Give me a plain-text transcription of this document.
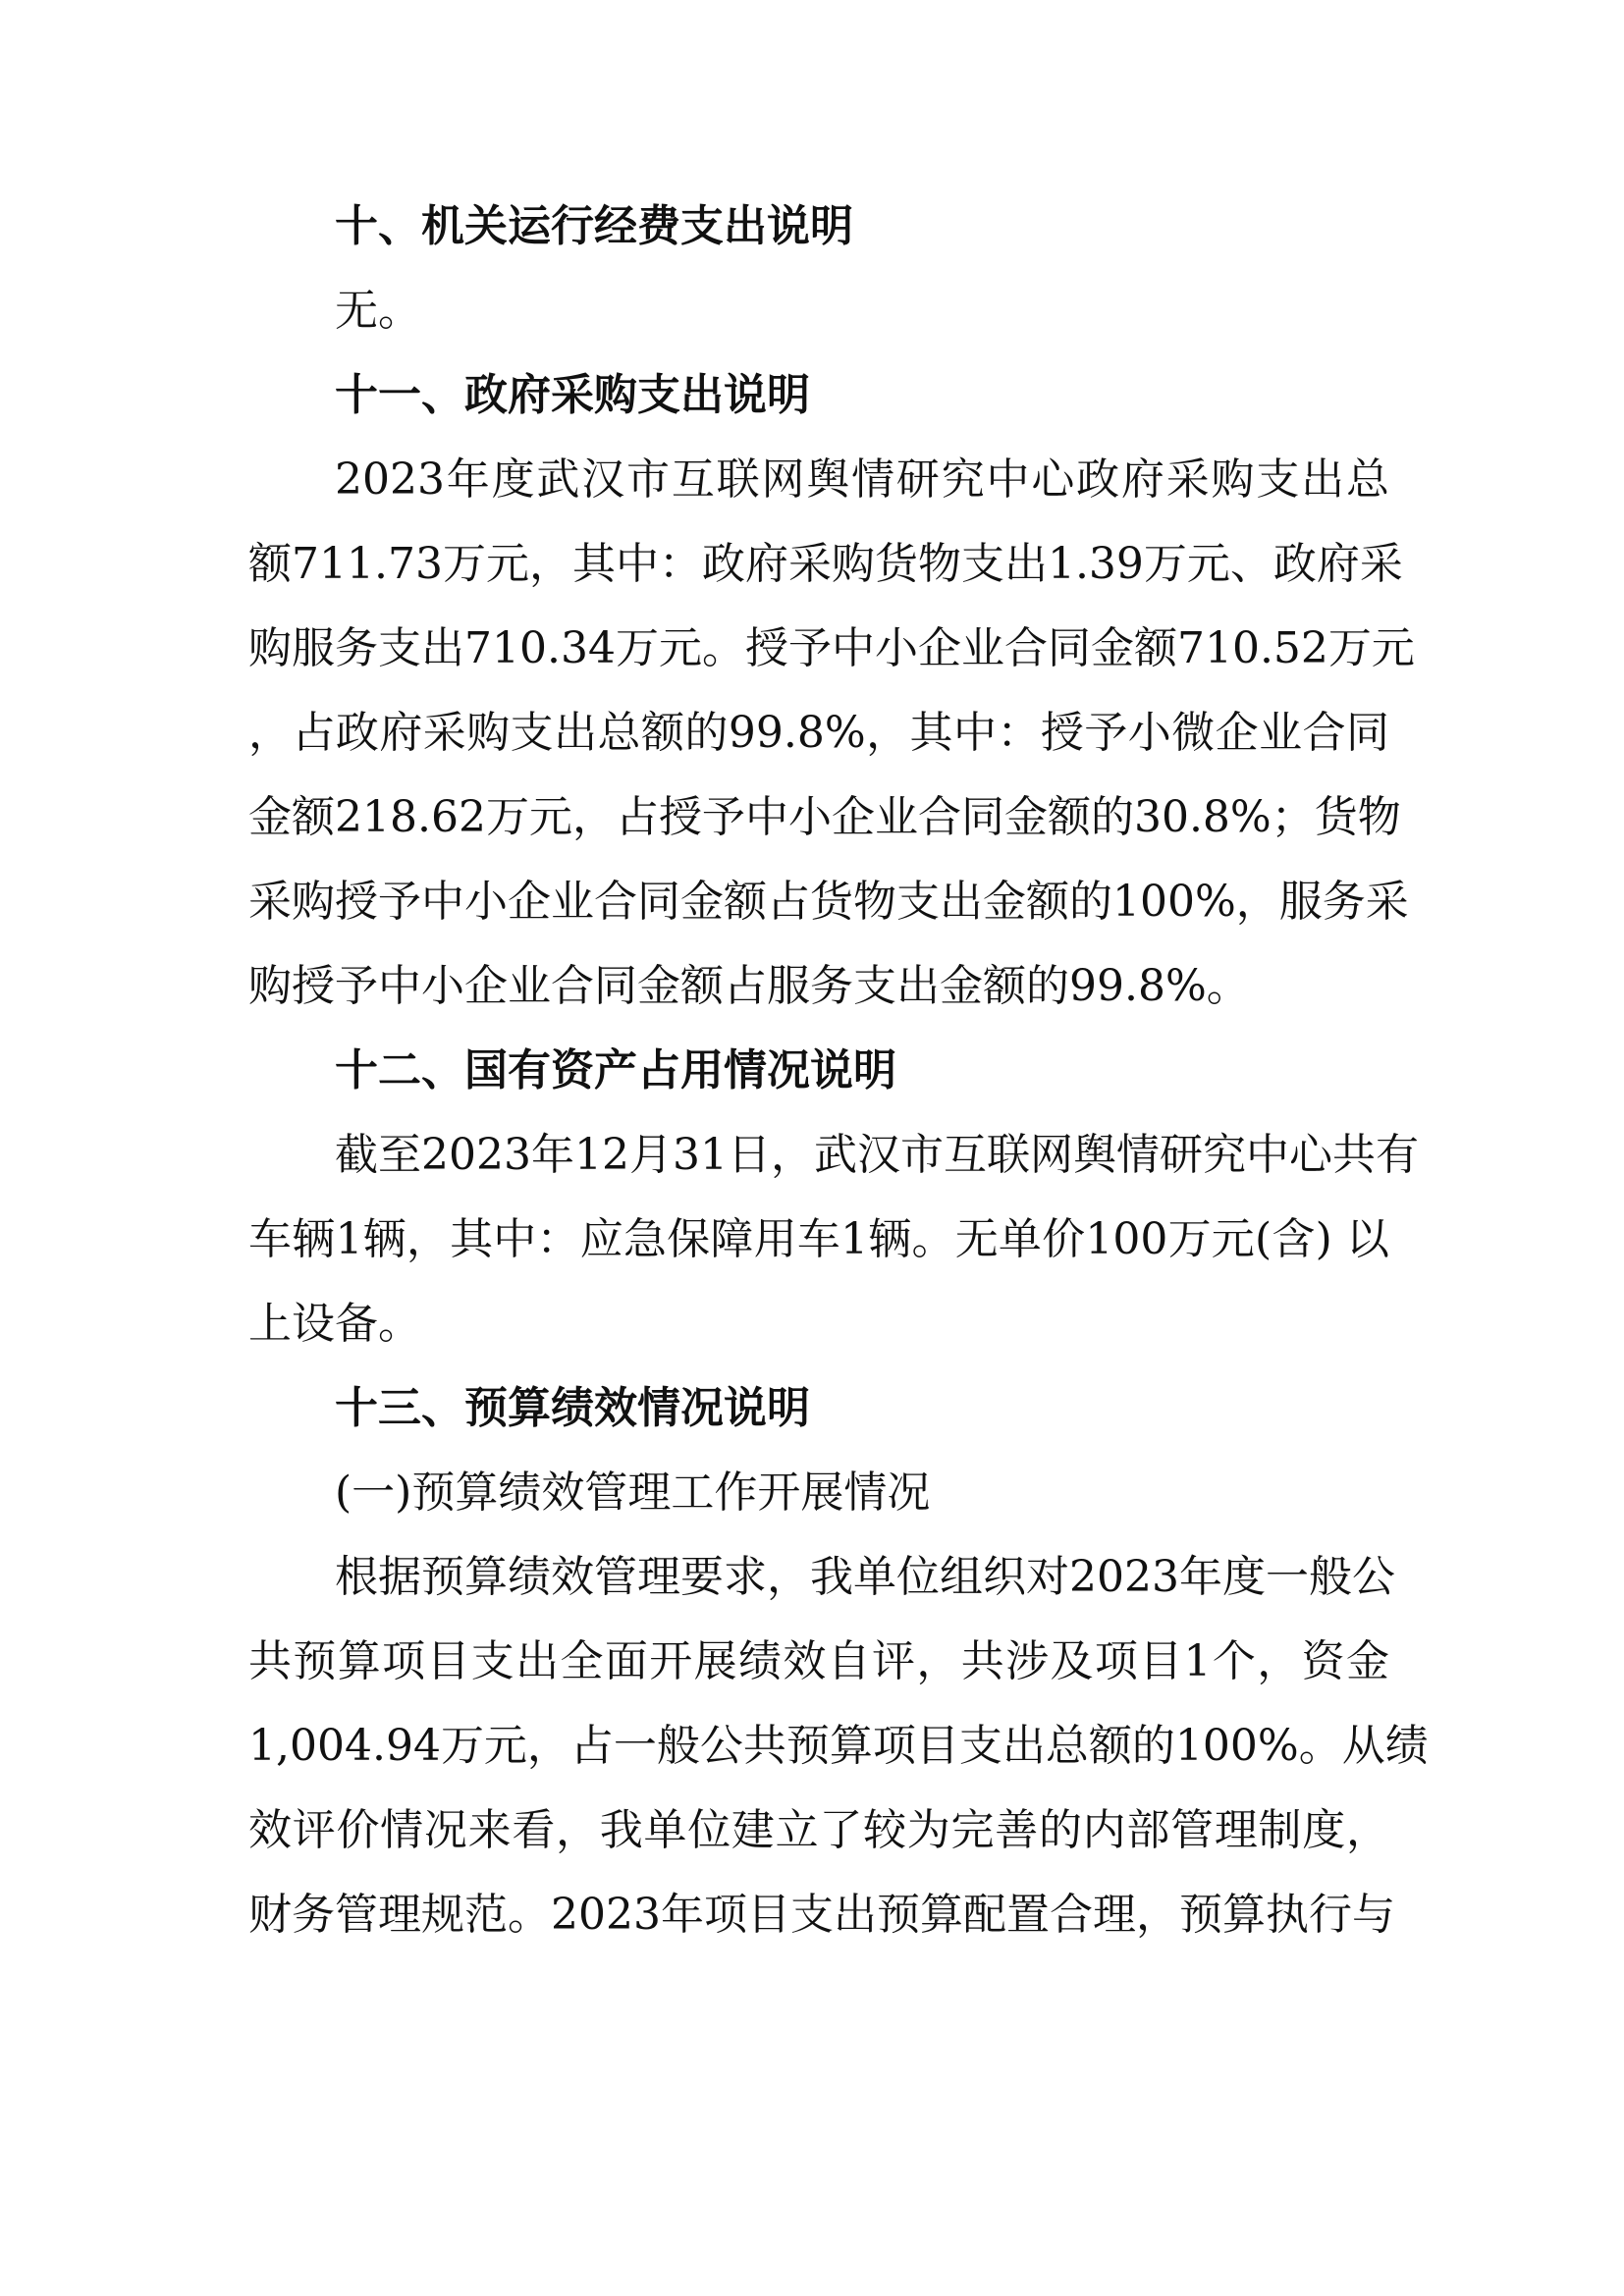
十、机关运行经费支出说明

无。

十一、政府采购支出说明

2023年度武汉市互联网舆情研究中心政府采购支出总

额711.73万元，其中：政府采购货物支出1.39万元、政府采

购服务支出710.34万元。授予中小企业合同金额710.52万元

，占政府采购支出总额的99.8%，其中：授予小微企业合同

金额218.62万元，占授予中小企业合同金额的30.8%；货物

采购授予中小企业合同金额占货物支出金额的100%，服务采

购授予中小企业合同金额占服务支出金额的99.8%。

十二、国有资产占用情况说明

截至2023年12月31日，武汉市互联网舆情研究中心共有

车辆1辆，其中：应急保障用车1辆。无单价100万元(含) 以

上设备。

十三、预算绩效情况说明

(一)预算绩效管理工作开展情况

根据预算绩效管理要求，我单位组织对2023年度一般公

共预算项目支出全面开展绩效自评，共涉及项目1个，资金

1,004.94万元，占一般公共预算项目支出总额的100%。从绩

效评价情况来看，我单位建立了较为完善的内部管理制度，

财务管理规范。2023年项目支出预算配置合理，预算执行与
